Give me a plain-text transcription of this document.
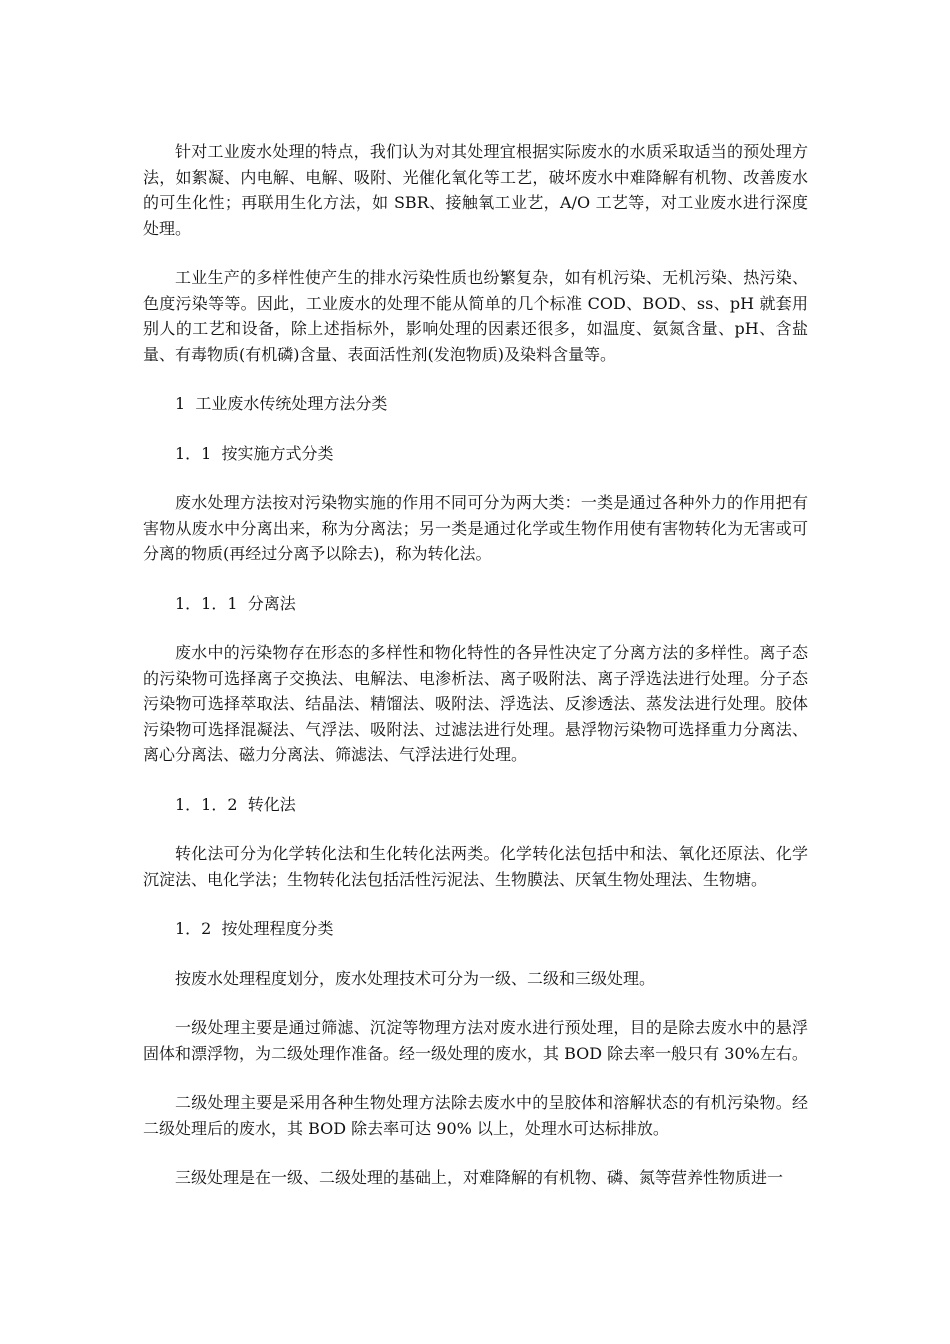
针对工业废水处理的特点，我们认为对其处理宜根据实际废水的水质采取适当的预处理方法，如絮凝、内电解、电解、吸附、光催化氧化等工艺，破坏废水中难降解有机物、改善废水的可生化性；再联用生化方法，如 SBR、接触氧工业艺，A/O 工艺等，对工业废水进行深度处理。

工业生产的多样性使产生的排水污染性质也纷繁复杂，如有机污染、无机污染、热污染、色度污染等等。因此，工业废水的处理不能从简单的几个标准 COD、BOD、ss、pH 就套用别人的工艺和设备，除上述指标外，影响处理的因素还很多，如温度、氨氮含量、pH、含盐量、有毒物质(有机磷)含量、表面活性剂(发泡物质)及染料含量等。

1  工业废水传统处理方法分类

1．1  按实施方式分类

废水处理方法按对污染物实施的作用不同可分为两大类：一类是通过各种外力的作用把有害物从废水中分离出来，称为分离法；另一类是通过化学或生物作用使有害物转化为无害或可分离的物质(再经过分离予以除去)，称为转化法。

1．1．1  分离法

废水中的污染物存在形态的多样性和物化特性的各异性决定了分离方法的多样性。离子态的污染物可选择离子交换法、电解法、电渗析法、离子吸附法、离子浮选法进行处理。分子态污染物可选择萃取法、结晶法、精馏法、吸附法、浮选法、反渗透法、蒸发法进行处理。胶体污染物可选择混凝法、气浮法、吸附法、过滤法进行处理。悬浮物污染物可选择重力分离法、离心分离法、磁力分离法、筛滤法、气浮法进行处理。

1．1．2  转化法

转化法可分为化学转化法和生化转化法两类。化学转化法包括中和法、氧化还原法、化学沉淀法、电化学法；生物转化法包括活性污泥法、生物膜法、厌氧生物处理法、生物塘。

1．2  按处理程度分类

按废水处理程度划分，废水处理技术可分为一级、二级和三级处理。

一级处理主要是通过筛滤、沉淀等物理方法对废水进行预处理，目的是除去废水中的悬浮固体和漂浮物，为二级处理作准备。经一级处理的废水，其 BOD 除去率一般只有 30%左右。

二级处理主要是采用各种生物处理方法除去废水中的呈胶体和溶解状态的有机污染物。经二级处理后的废水，其 BOD 除去率可达 90% 以上，处理水可达标排放。

三级处理是在一级、二级处理的基础上，对难降解的有机物、磷、氮等营养性物质进一
